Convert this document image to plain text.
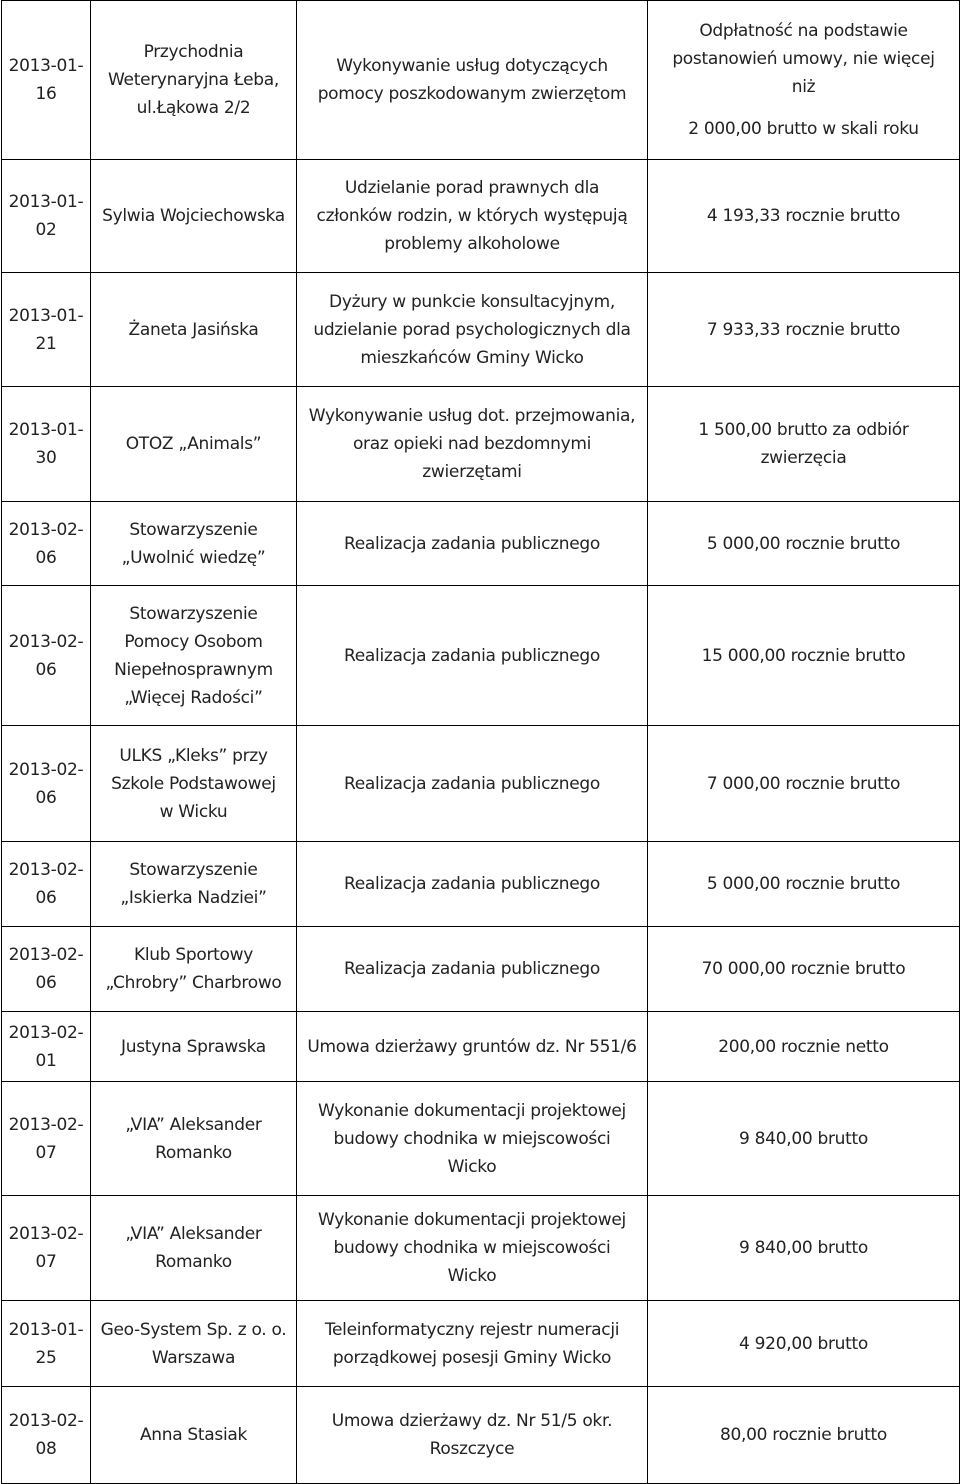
2013-01-
16	Przychodnia
Weterynaryjna Łeba,
ul.Łąkowa 2/2	Wykonywanie usług dotyczących
pomocy poszkodowanym zwierzętom	Odpłatność na podstawie
postanowień umowy, nie więcej
niż
2 000,00 brutto w skali roku

2013-01-
02	Sylwia Wojciechowska	Udzielanie porad prawnych dla
członków rodzin, w których występują
problemy alkoholowe	4 193,33 rocznie brutto

2013-01-
21	Żaneta Jasińska	Dyżury w punkcie konsultacyjnym,
udzielanie porad psychologicznych dla
mieszkańców Gminy Wicko	7 933,33 rocznie brutto

2013-01-
30	OTOZ „Animals”	Wykonywanie usług dot. przejmowania,
oraz opieki nad bezdomnymi
zwierzętami	1 500,00 brutto za odbiór
zwierzęcia

2013-02-
06	Stowarzyszenie
„Uwolnić wiedzę”	Realizacja zadania publicznego	5 000,00 rocznie brutto

2013-02-
06	Stowarzyszenie
Pomocy Osobom
Niepełnosprawnym
„Więcej Radości”	Realizacja zadania publicznego	15 000,00 rocznie brutto

2013-02-
06	ULKS „Kleks” przy
Szkole Podstawowej
w Wicku	Realizacja zadania publicznego	7 000,00 rocznie brutto

2013-02-
06	Stowarzyszenie
„Iskierka Nadziei”	Realizacja zadania publicznego	5 000,00 rocznie brutto

2013-02-
06	Klub Sportowy
„Chrobry” Charbrowo	Realizacja zadania publicznego	70 000,00 rocznie brutto

2013-02-
01	Justyna Sprawska	Umowa dzierżawy gruntów dz. Nr 551/6	200,00 rocznie netto

2013-02-
07	„VIA” Aleksander
Romanko	Wykonanie dokumentacji projektowej
budowy chodnika w miejscowości
Wicko	9 840,00 brutto

2013-02-
07	„VIA” Aleksander
Romanko	Wykonanie dokumentacji projektowej
budowy chodnika w miejscowości
Wicko	9 840,00 brutto

2013-01-
25	Geo-System Sp. z o. o.
Warszawa	Teleinformatyczny rejestr numeracji
porządkowej posesji Gminy Wicko	4 920,00 brutto

2013-02-
08	Anna Stasiak	Umowa dzierżawy dz. Nr 51/5 okr.
Roszczyce	80,00 rocznie brutto
